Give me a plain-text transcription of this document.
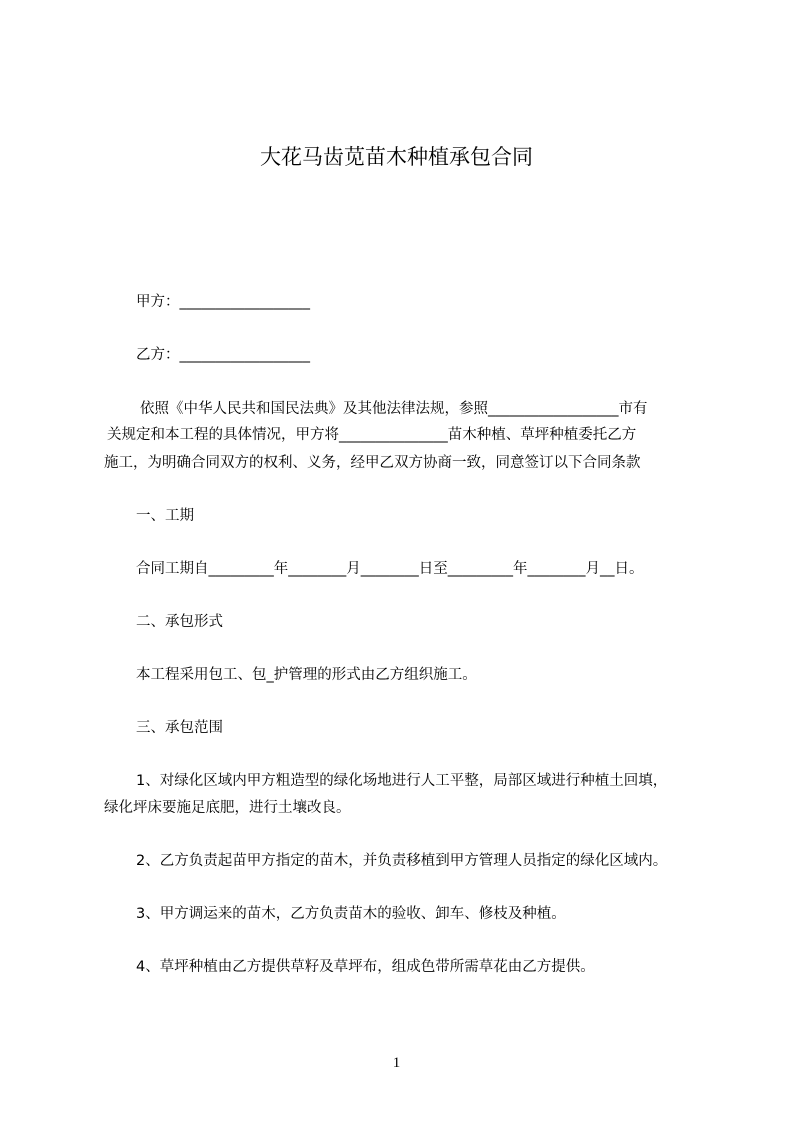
大花马齿苋苗木种植承包合同
甲方：__________________
乙方：__________________
依照《中华人民共和国民法典》及其他法律法规，参照__________________市有
关规定和本工程的具体情况，甲方将_______________苗木种植、草坪种植委托乙方
施工，为明确合同双方的权利、义务，经甲乙双方协商一致，同意签订以下合同条款
一、工期
合同工期自_________年________月________日至_________年________月__日。
二、承包形式
本工程采用包工、包_护管理的形式由乙方组织施工。
三、承包范围
1、对绿化区域内甲方粗造型的绿化场地进行人工平整，局部区域进行种植土回填，
绿化坪床要施足底肥，进行土壤改良。
2、乙方负责起苗甲方指定的苗木，并负责移植到甲方管理人员指定的绿化区域内。
3、甲方调运来的苗木，乙方负责苗木的验收、卸车、修枝及种植。
4、草坪种植由乙方提供草籽及草坪布，组成色带所需草花由乙方提供。
1
